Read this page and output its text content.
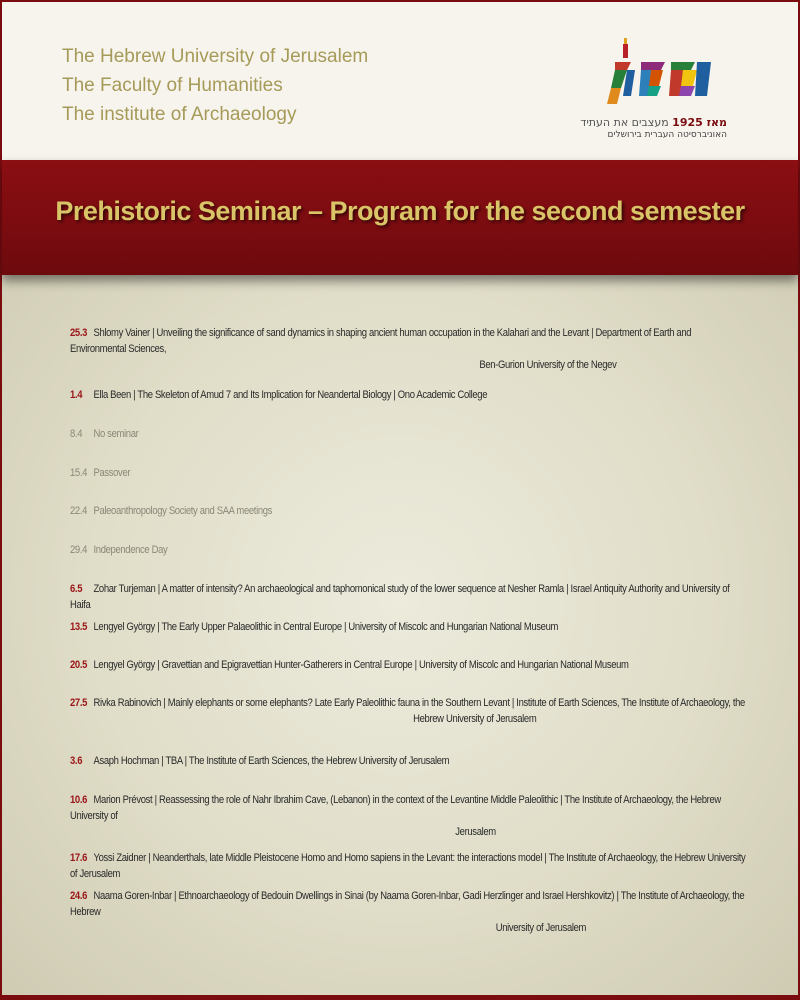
The Hebrew University of Jerusalem
The Faculty of Humanities
The institute of Archaeology	מאז 1925 מעצבים את העתיד
האוניברסיטה העברית בירושלים
Prehistoric Seminar – Program for the second semester
25.3 Shlomy Vainer | Unveiling the significance of sand dynamics in shaping ancient human occupation in the Kalahari and the Levant | Department of Earth and Environmental Sciences,
Ben-Gurion University of the Negev
1.4 Ella Been | The Skeleton of Amud 7 and Its Implication for Neandertal Biology | Ono Academic College
8.4 No seminar
15.4 Passover
22.4 Paleoanthropology Society and SAA meetings
29.4 Independence Day
6.5 Zohar Turjeman | A matter of intensity? An archaeological and taphomonical study of the lower sequence at Nesher Ramla | Israel Antiquity Authority and University of Haifa
13.5 Lengyel György | The Early Upper Palaeolithic in Central Europe | University of Miscolc and Hungarian National Museum
20.5 Lengyel György | Gravettian and Epigravettian Hunter-Gatherers in Central Europe | University of Miscolc and Hungarian National Museum
27.5 Rivka Rabinovich | Mainly elephants or some elephants? Late Early Paleolithic fauna in the Southern Levant | Institute of Earth Sciences, The Institute of Archaeology, the
Hebrew University of Jerusalem
3.6 Asaph Hochman | TBA | The Institute of Earth Sciences, the Hebrew University of Jerusalem
10.6 Marion Prévost | Reassessing the role of Nahr Ibrahim Cave, (Lebanon) in the context of the Levantine Middle Paleolithic | The Institute of Archaeology, the Hebrew University of
Jerusalem
17.6 Yossi Zaidner | Neanderthals, late Middle Pleistocene Homo and Homo sapiens in the Levant: the interactions model | The Institute of Archaeology, the Hebrew University of Jerusalem
24.6 Naama Goren-Inbar | Ethnoarchaeology of Bedouin Dwellings in Sinai (by Naama Goren-Inbar, Gadi Herzlinger and Israel Hershkovitz) | The Institute of Archaeology, the Hebrew
University of Jerusalem
